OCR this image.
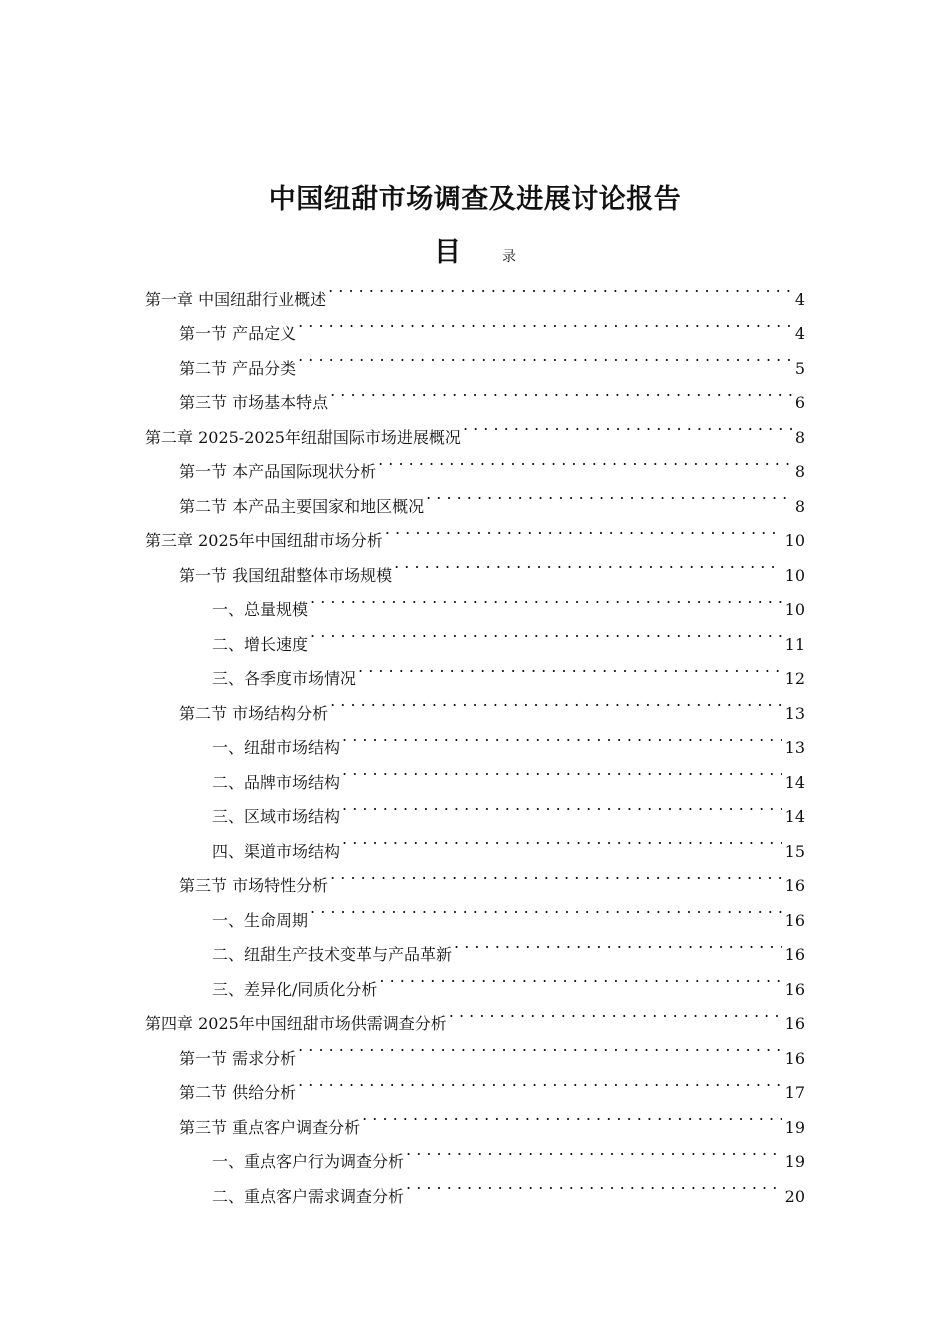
中国纽甜市场调查及进展讨论报告
目	录
第一章 中国纽甜行业概述 . . .	4
第一节 产品定义 . . .	4
第二节 产品分类 . . .	5
第三节 市场基本特点 . . .	6
第二章 2025-2025年纽甜国际市场进展概况 . . .	8
第一节 本产品国际现状分析 . . .	8
第二节 本产品主要国家和地区概况 . . .	8
第三章 2025年中国纽甜市场分析 . . .	10
第一节 我国纽甜整体市场规模 . . .	10
一、总量规模 . . .	10
二、增长速度 . . .	11
三、各季度市场情况 . . .	12
第二节 市场结构分析 . . .	13
一、纽甜市场结构 . . .	13
二、品牌市场结构 . . .	14
三、区域市场结构 . . .	14
四、渠道市场结构 . . .	15
第三节 市场特性分析 . . .	16
一、生命周期 . . .	16
二、纽甜生产技术变革与产品革新 . . .	16
三、差异化/同质化分析 . . .	16
第四章 2025年中国纽甜市场供需调查分析 . . .	16
第一节 需求分析 . . .	16
第二节 供给分析 . . .	17
第三节 重点客户调查分析 . . .	19
一、重点客户行为调查分析 . . .	19
二、重点客户需求调查分析 . . .	20
